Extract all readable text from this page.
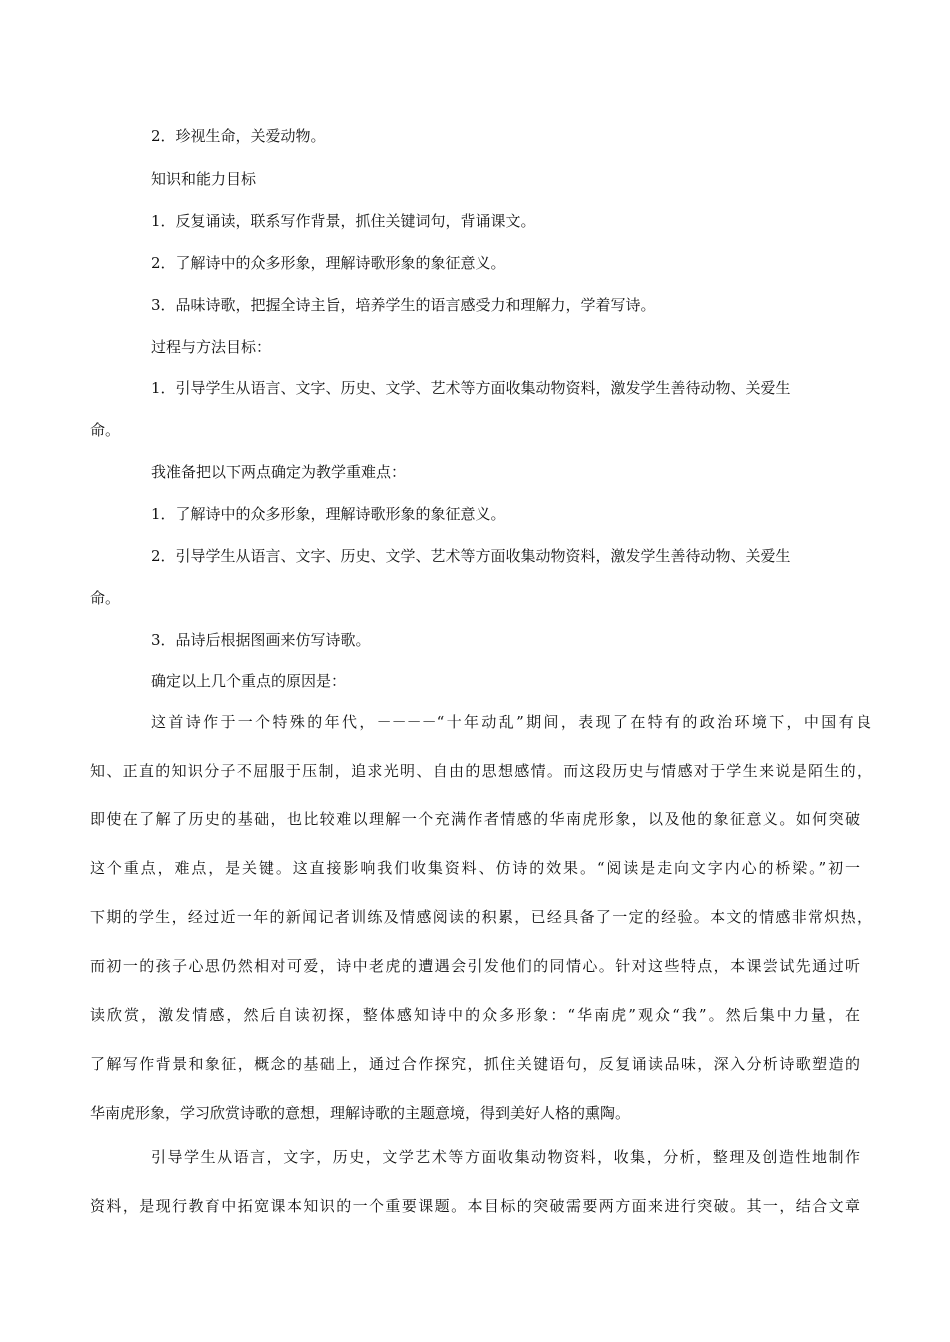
2．珍视生命，关爱动物。
知识和能力目标
1．反复诵读，联系写作背景，抓住关键词句，背诵课文。
2．了解诗中的众多形象，理解诗歌形象的象征意义。
3．品味诗歌，把握全诗主旨，培养学生的语言感受力和理解力，学着写诗。
过程与方法目标：
1．引导学生从语言、文字、历史、文学、艺术等方面收集动物资料，激发学生善待动物、关爱生
命。
我准备把以下两点确定为教学重难点：
1．了解诗中的众多形象，理解诗歌形象的象征意义。
2．引导学生从语言、文字、历史、文学、艺术等方面收集动物资料，激发学生善待动物、关爱生
命。
3．品诗后根据图画来仿写诗歌。
确定以上几个重点的原因是：
这首诗作于一个特殊的年代，－－－－“十年动乱”期间，表现了在特有的政治环境下，中国有良
知、正直的知识分子不屈服于压制，追求光明、自由的思想感情。而这段历史与情感对于学生来说是陌生的，
即使在了解了历史的基础，也比较难以理解一个充满作者情感的华南虎形象，以及他的象征意义。如何突破
这个重点，难点，是关键。这直接影响我们收集资料、仿诗的效果。“阅读是走向文字内心的桥梁。”初一
下期的学生，经过近一年的新闻记者训练及情感阅读的积累，已经具备了一定的经验。本文的情感非常炽热，
而初一的孩子心思仍然相对可爱，诗中老虎的遭遇会引发他们的同情心。针对这些特点，本课尝试先通过听
读欣赏，激发情感，然后自读初探，整体感知诗中的众多形象：“华南虎”观众“我”。然后集中力量，在
了解写作背景和象征，概念的基础上，通过合作探究，抓住关键语句，反复诵读品味，深入分析诗歌塑造的
华南虎形象，学习欣赏诗歌的意想，理解诗歌的主题意境，得到美好人格的熏陶。
引导学生从语言，文字，历史，文学艺术等方面收集动物资料，收集，分析，整理及创造性地制作
资料，是现行教育中拓宽课本知识的一个重要课题。本目标的突破需要两方面来进行突破。其一，结合文章
